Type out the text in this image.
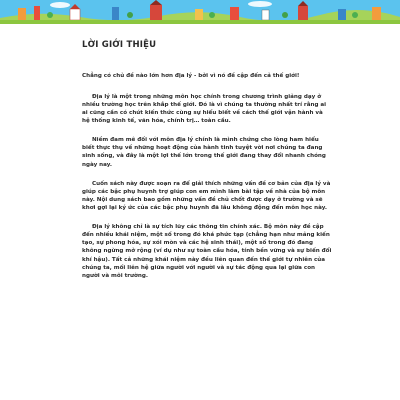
LỜI GIỚI THIỆU

Chẳng có chủ đề nào lớn hơn địa lý - bởi vì nó đề cập đến cả thế giới!

Địa lý là một trong những môn học chính trong chương trình giảng dạy ở nhiều trường học trên khắp thế giới. Đó là vì chúng ta thường nhất trí rằng ai ai cũng cần có chút kiến thức cùng sự hiểu biết về cách thế giới vận hành và hệ thống kinh tế, văn hóa, chính trị… toàn cầu.

Niềm đam mê đối với môn địa lý chính là mình chứng cho lòng ham hiểu biết thực thụ về những hoạt động của hành tinh tuyệt vời nơi chúng ta đang sinh sống, và đây là một lợi thế lớn trong thế giới đang thay đổi nhanh chóng ngày nay.

Cuốn sách này được soạn ra để giải thích những vấn đề cơ bản của địa lý và giúp các bậc phụ huynh trợ giúp con em mình làm bài tập về nhà của bộ môn này. Nội dung sách bao gồm những vấn đề chủ chốt được dạy ở trường và sẽ khơi gợi lại ký ức của các bậc phụ huynh đã lâu không động đến môn học này.

Địa lý không chỉ là sự tích lũy các thông tin chính xác. Bộ môn này đề cập đến nhiều khái niệm, một số trong đó khá phức tạp (chẳng hạn như mảng kiến tạo, sự phong hóa, sự xói mòn và các hệ sinh thái), một số trong đó đang không ngừng mở rộng (ví dụ như sự toàn cầu hóa, tính bền vững và sự biến đổi khí hậu). Tất cả những khái niệm này đều liên quan đến thế giới tự nhiên của chúng ta, mối liên hệ giữa người với người và sự tác động qua lại giữa con người và môi trường.
